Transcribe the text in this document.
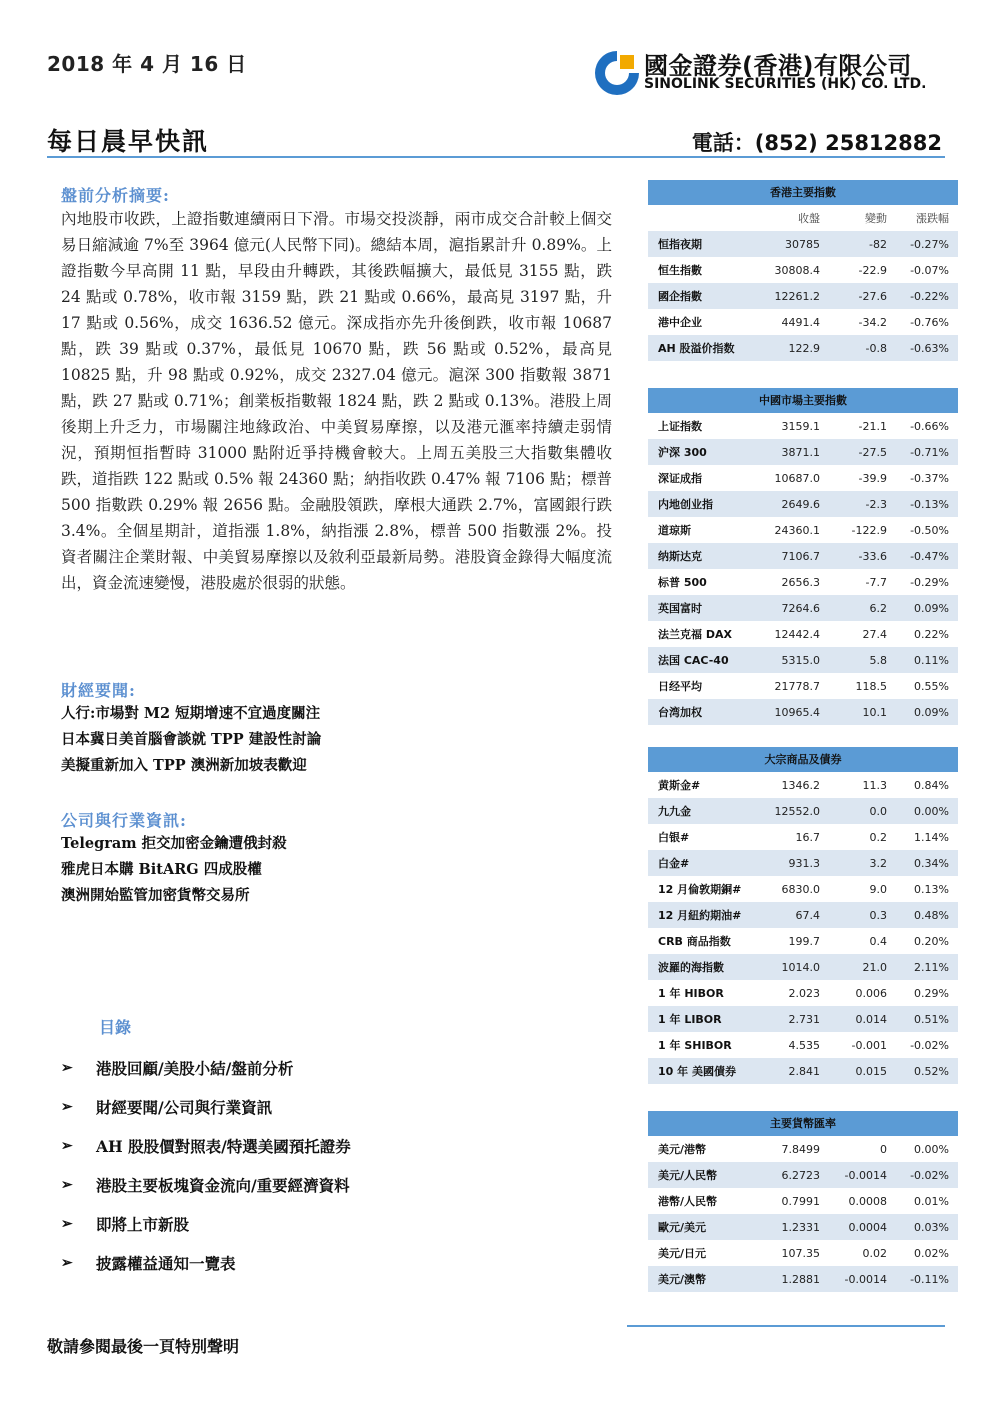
2018 年 4 月 16 日	國金證券(香港)有限公司
SINOLINK SECURITIES (HK) CO. LTD.
每日晨早快訊	電話：(852) 25812882
盤前分析摘要:
內地股市收跌，上證指數連續兩日下滑。市場交投淡靜，兩市成交合計較上個交易日縮減逾 7%至 3964 億元(人民幣下同)。總結本周，滬指累計升 0.89%。上證指數今早高開 11 點，早段由升轉跌，其後跌幅擴大，最低見 3155 點，跌 24 點或 0.78%，收市報 3159 點，跌 21 點或 0.66%，最高見 3197 點，升 17 點或 0.56%，成交 1636.52 億元。深成指亦先升後倒跌，收市報 10687 點，跌 39 點或 0.37%，最低見 10670 點，跌 56 點或 0.52%，最高見 10825 點，升 98 點或 0.92%，成交 2327.04 億元。滬深 300 指數報 3871 點，跌 27 點或 0.71%；創業板指數報 1824 點，跌 2 點或 0.13%。港股上周後期上升乏力，市場關注地緣政治、中美貿易摩擦，以及港元滙率持續走弱情況，預期恒指暫時 31000 點附近爭持機會較大。上周五美股三大指數集體收跌，道指跌 122 點或 0.5% 報 24360 點；納指收跌 0.47% 報 7106 點；標普 500 指數跌 0.29% 報 2656 點。金融股領跌，摩根大通跌 2.7%，富國銀行跌 3.4%。全個星期計，道指漲 1.8%，納指漲 2.8%，標普 500 指數漲 2%。投資者關注企業財報、中美貿易摩擦以及敘利亞最新局勢。港股資金錄得大幅度流出，資金流速變慢，港股處於很弱的狀態。
財經要聞:
人行:市場對 M2 短期增速不宜過度關注
日本冀日美首腦會談就 TPP 建設性討論
美擬重新加入 TPP 澳洲新加坡表歡迎
公司與行業資訊:
Telegram 拒交加密金鑰遭俄封殺
雅虎日本購 BitARG 四成股權
澳洲開始監管加密貨幣交易所
目錄
➢	港股回顧/美股小結/盤前分析
➢	財經要聞/公司與行業資訊
➢	AH 股股價對照表/特選美國預托證券
➢	港股主要板塊資金流向/重要經濟資料
➢	即將上市新股
➢	披露權益通知一覽表
香港主要指數
收盤	變動	漲跌幅
恒指夜期	30785	-82	-0.27%
恒生指數	30808.4	-22.9	-0.07%
國企指數	12261.2	-27.6	-0.22%
港中企业	4491.4	-34.2	-0.76%
AH 股溢价指数	122.9	-0.8	-0.63%
中國市場主要指數
上证指数	3159.1	-21.1	-0.66%
沪深 300	3871.1	-27.5	-0.71%
深证成指	10687.0	-39.9	-0.37%
内地创业指	2649.6	-2.3	-0.13%
道琼斯	24360.1	-122.9	-0.50%
纳斯达克	7106.7	-33.6	-0.47%
标普 500	2656.3	-7.7	-0.29%
英国富时	7264.6	6.2	0.09%
法兰克福 DAX	12442.4	27.4	0.22%
法国 CAC-40	5315.0	5.8	0.11%
日经平均	21778.7	118.5	0.55%
台湾加权	10965.4	10.1	0.09%
大宗商品及債券
黄斯金#	1346.2	11.3	0.84%
九九金	12552.0	0.0	0.00%
白银#	16.7	0.2	1.14%
白金#	931.3	3.2	0.34%
12 月倫敦期銅#	6830.0	9.0	0.13%
12 月紐約期油#	67.4	0.3	0.48%
CRB 商品指数	199.7	0.4	0.20%
波羅的海指數	1014.0	21.0	2.11%
1 年 HIBOR	2.023	0.006	0.29%
1 年 LIBOR	2.731	0.014	0.51%
1 年 SHIBOR	4.535	-0.001	-0.02%
10 年 美國債券	2.841	0.015	0.52%
主要貨幣匯率
美元/港幣	7.8499	0	0.00%
美元/人民幣	6.2723	-0.0014	-0.02%
港幣/人民幣	0.7991	0.0008	0.01%
歐元/美元	1.2331	0.0004	0.03%
美元/日元	107.35	0.02	0.02%
美元/澳幣	1.2881	-0.0014	-0.11%
敬請參閱最後一頁特別聲明
